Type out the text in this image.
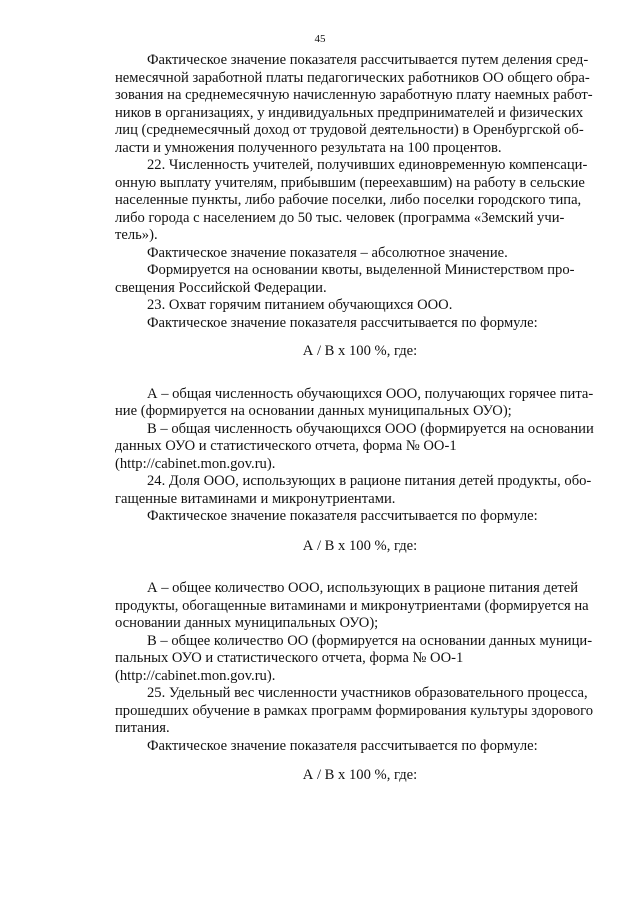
45

Фактическое значение показателя рассчитывается путем деления сред-
немесячной заработной платы педагогических работников ОО общего обра-
зования на среднемесячную начисленную заработную плату наемных работ-
ников в организациях, у индивидуальных предпринимателей и физических
лиц (среднемесячный доход от трудовой деятельности) в Оренбургской об-
ласти и умножения полученного результата на 100 процентов.

22. Численность учителей, получивших единовременную компенсаци-
онную выплату учителям, прибывшим (переехавшим) на работу в сельские
населенные пункты, либо рабочие поселки, либо поселки городского типа,
либо города с населением до 50 тыс. человек (программа «Земский учи-
тель»).

Фактическое значение показателя – абсолютное значение.

Формируется на основании квоты, выделенной Министерством про-
свещения Российской Федерации.

23. Охват горячим питанием обучающихся ООО.

Фактическое значение показателя рассчитывается по формуле:

А / В х 100 %, где:

А – общая численность обучающихся ООО, получающих горячее пита-
ние (формируется на основании данных муниципальных ОУО);

В – общая численность обучающихся ООО (формируется на основании
данных ОУО и статистического отчета, форма № ОО-1
(http://cabinet.mon.gov.ru).

24. Доля ООО, использующих в рационе питания детей продукты, обо-
гащенные витаминами и микронутриентами.

Фактическое значение показателя рассчитывается по формуле:

А / В х 100 %, где:

А – общее количество ООО, использующих в рационе питания детей
продукты, обогащенные витаминами и микронутриентами (формируется на
основании данных муниципальных ОУО);

В – общее количество ОО (формируется на основании данных муници-
пальных ОУО и статистического отчета, форма № ОО-1
(http://cabinet.mon.gov.ru).

25. Удельный вес численности участников образовательного процесса,
прошедших обучение в рамках программ формирования культуры здорового
питания.

Фактическое значение показателя рассчитывается по формуле:

А / В х 100 %, где:
